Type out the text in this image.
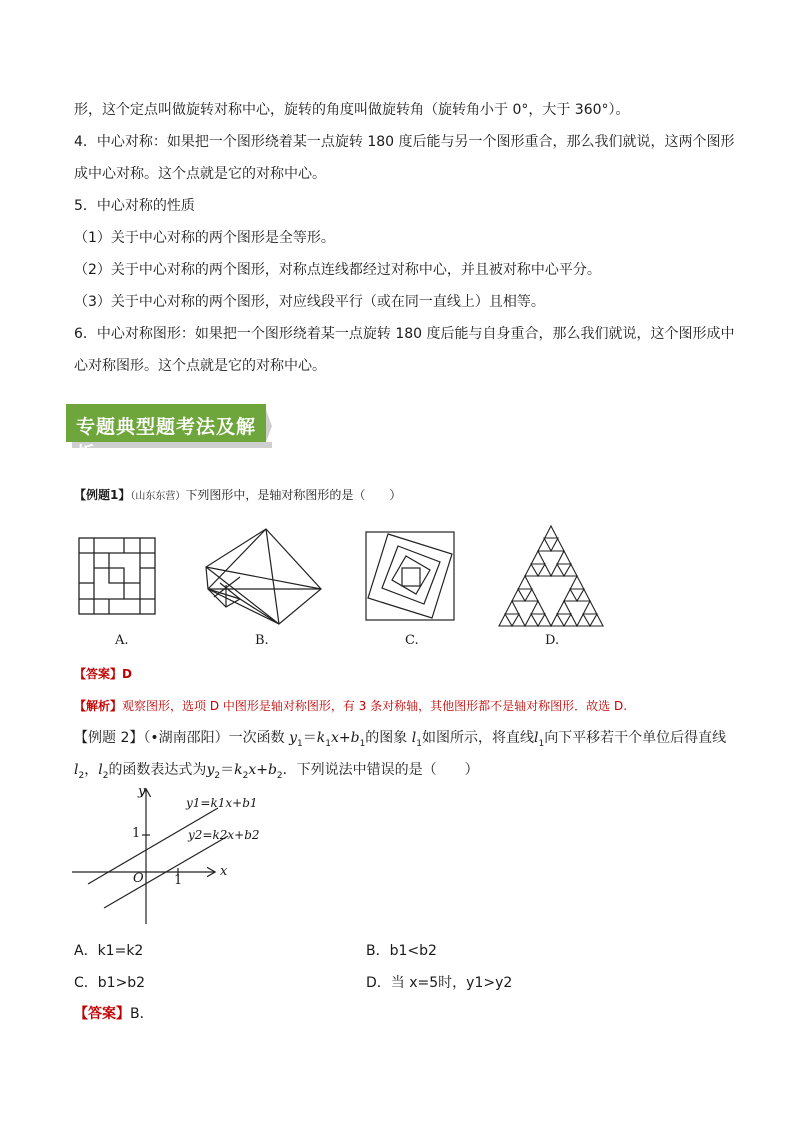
形，这个定点叫做旋转对称中心，旋转的角度叫做旋转角（旋转角小于 0°，大于 360°）。
4．中心对称：如果把一个图形绕着某一点旋转 180 度后能与另一个图形重合，那么我们就说，这两个图形
成中心对称。这个点就是它的对称中心。
5．中心对称的性质
（1）关于中心对称的两个图形是全等形。
（2）关于中心对称的两个图形，对称点连线都经过对称中心，并且被对称中心平分。
（3）关于中心对称的两个图形，对应线段平行（或在同一直线上）且相等。
6．中心对称图形：如果把一个图形绕着某一点旋转 180 度后能与自身重合，那么我们就说，这个图形成中
心对称图形。这个点就是它的对称中心。
专题典型题考法及解析
【例题1】（山东东营）下列图形中，是轴对称图形的是（　　）
A.	B.	C.	D.
【答案】D
【解析】观察图形，选项 D 中图形是轴对称图形，有 3 条对称轴，其他图形都不是轴对称图形．故选 D.
【例题 2】（•湖南邵阳）一次函数 $y_1=k_1x+b_1$的图象 $l_1$如图所示，将直线$l_1$向下平移若干个单位后得直线
$l_2$，$l_2$的函数表达式为$y_2=k_2x+b_2$．下列说法中错误的是（　　）
y
x
O 1
1
y1=k1x+b1
y2=k2x+b2
A．k1=k2	B．b1<b2
C．b1>b2	D．当 x=5时，y1>y2
【答案】B．
